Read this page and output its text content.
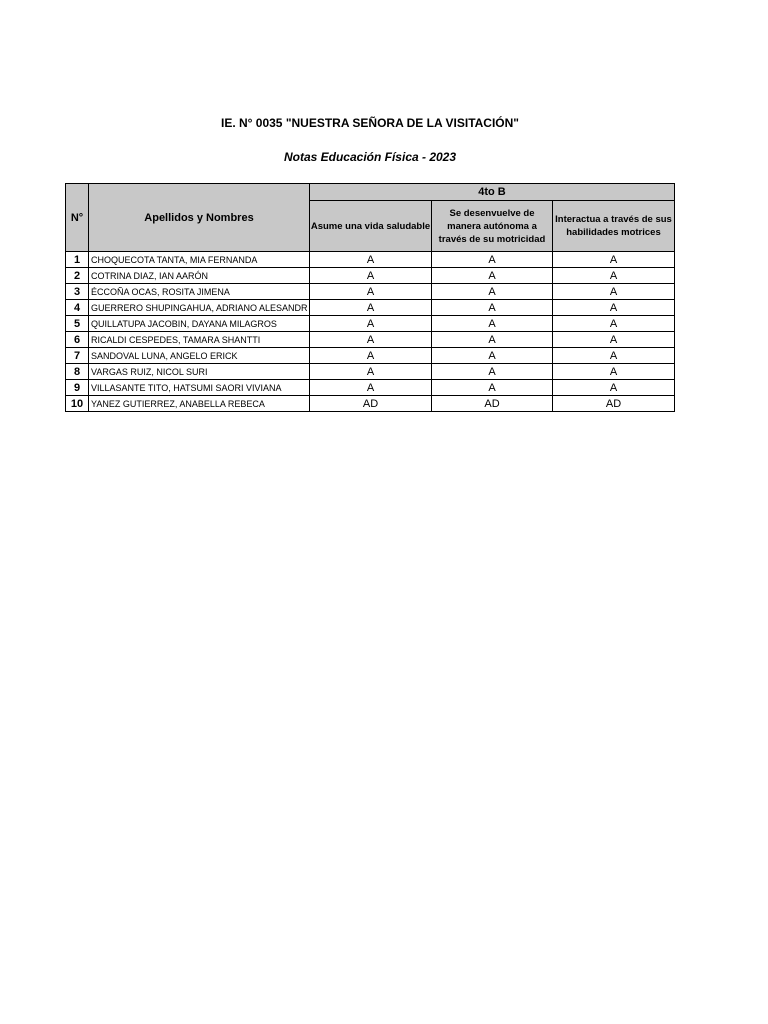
IE. N° 0035 "NUESTRA SEÑORA DE LA VISITACIÓN"
Notas Educación Física - 2023
N°	Apellidos y Nombres	4to B		
		Asume una vida saludable	Se desenvuelve de manera autónoma a través de su motricidad	Interactua a través de sus habilidades motrices
1	CHOQUECOTA TANTA, MIA FERNANDA	A	A	A
2	COTRINA DIAZ, IAN AARÓN	A	A	A
3	ÉCCOÑA OCAS, ROSITA JIMENA	A	A	A
4	GUERRERO SHUPINGAHUA, ADRIANO ALESANDR	A	A	A
5	QUILLATUPA JACOBIN, DAYANA MILAGROS	A	A	A
6	RICALDI CESPEDES, TAMARA SHANTTI	A	A	A
7	SANDOVAL LUNA, ANGELO ERICK	A	A	A
8	VARGAS RUIZ, NICOL SURI	A	A	A
9	VILLASANTE TITO, HATSUMI SAORI VIVIANA	A	A	A
10	YANEZ GUTIERREZ, ANABELLA REBECA	AD	AD	AD
